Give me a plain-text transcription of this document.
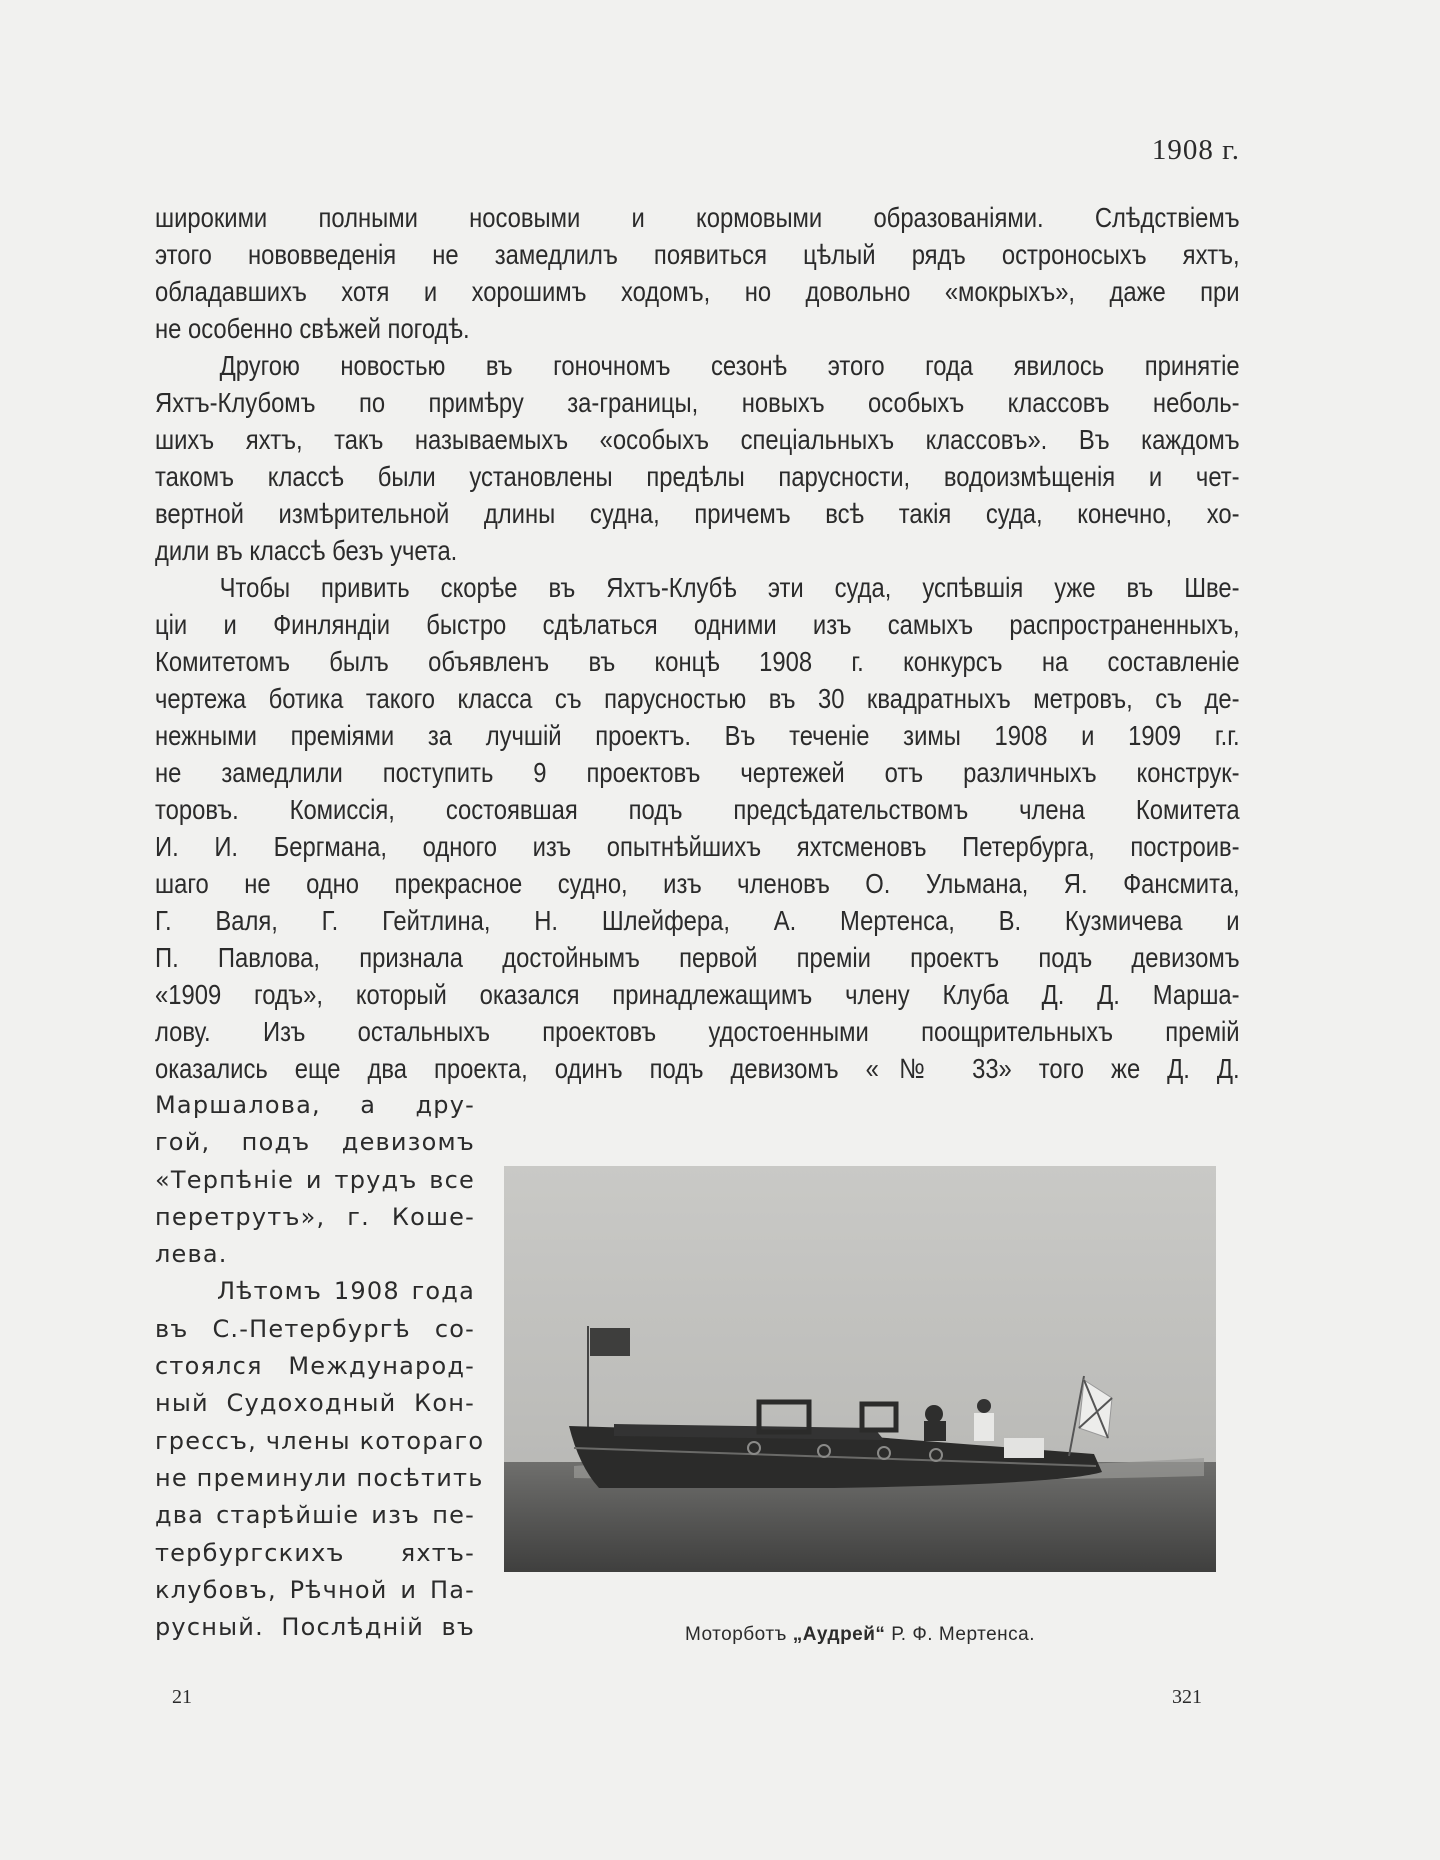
1908 г.
широкими полными носовыми и кормовыми образованіями. Слѣдствіемъ
этого нововведенія не замедлилъ появиться цѣлый рядъ остроносыхъ яхтъ,
обладавшихъ хотя и хорошимъ ходомъ, но довольно «мокрыхъ», даже при
не особенно свѣжей погодѣ.
Другою новостью въ гоночномъ сезонѣ этого года явилось принятіе
Яхтъ-Клубомъ по примѣру за-границы, новыхъ особыхъ классовъ неболь-
шихъ яхтъ, такъ называемыхъ «особыхъ спеціальныхъ классовъ». Въ каждомъ
такомъ классѣ были установлены предѣлы парусности, водоизмѣщенія и чет-
вертной измѣрительной длины судна, причемъ всѣ такія суда, конечно, хо-
дили въ классѣ безъ учета.
Чтобы привить скорѣе въ Яхтъ-Клубѣ эти суда, успѣвшія уже въ Шве-
ціи и Финляндіи быстро сдѣлаться одними изъ самыхъ распространенныхъ,
Комитетомъ былъ объявленъ въ концѣ 1908 г. конкурсъ на составленіе
чертежа ботика такого класса съ парусностью въ 30 квадратныхъ метровъ, съ де-
нежными преміями за лучшій проектъ. Въ теченіе зимы 1908 и 1909 г.г.
не замедлили поступить 9 проектовъ чертежей отъ различныхъ конструк-
торовъ. Комиссія, состоявшая подъ предсѣдательствомъ члена Комитета
И. И. Бергмана, одного изъ опытнѣйшихъ яхтсменовъ Петербурга, построив-
шаго не одно прекрасное судно, изъ членовъ О. Ульмана, Я. Фансмита,
Г. Валя, Г. Гейтлина, Н. Шлейфера, А. Мертенса, В. Кузмичева и
П. Павлова, признала достойнымъ первой преміи проектъ подъ девизомъ
«1909 годъ», который оказался принадлежащимъ члену Клуба Д. Д. Марша-
лову. Изъ остальныхъ проектовъ удостоенными поощрительныхъ премій
оказались еще два проекта, одинъ подъ девизомъ «№ 33» того же Д. Д.
Маршалова, а дру-
гой, подъ девизомъ
«Терпѣніе и трудъ все
перетрутъ», г. Коше-
лева.
Лѣтомъ 1908 года
въ С.-Петербургѣ со-
стоялся Международ-
ный Судоходный Кон-
грессъ, члены котораго
не преминули посѣтить
два старѣйшіе изъ пе-
тербургскихъ яхтъ-
клубовъ, Рѣчной и Па-
русный. Послѣдній въ	Моторботъ „Аудрей“ Р. Ф. Мертенса.
21	321
